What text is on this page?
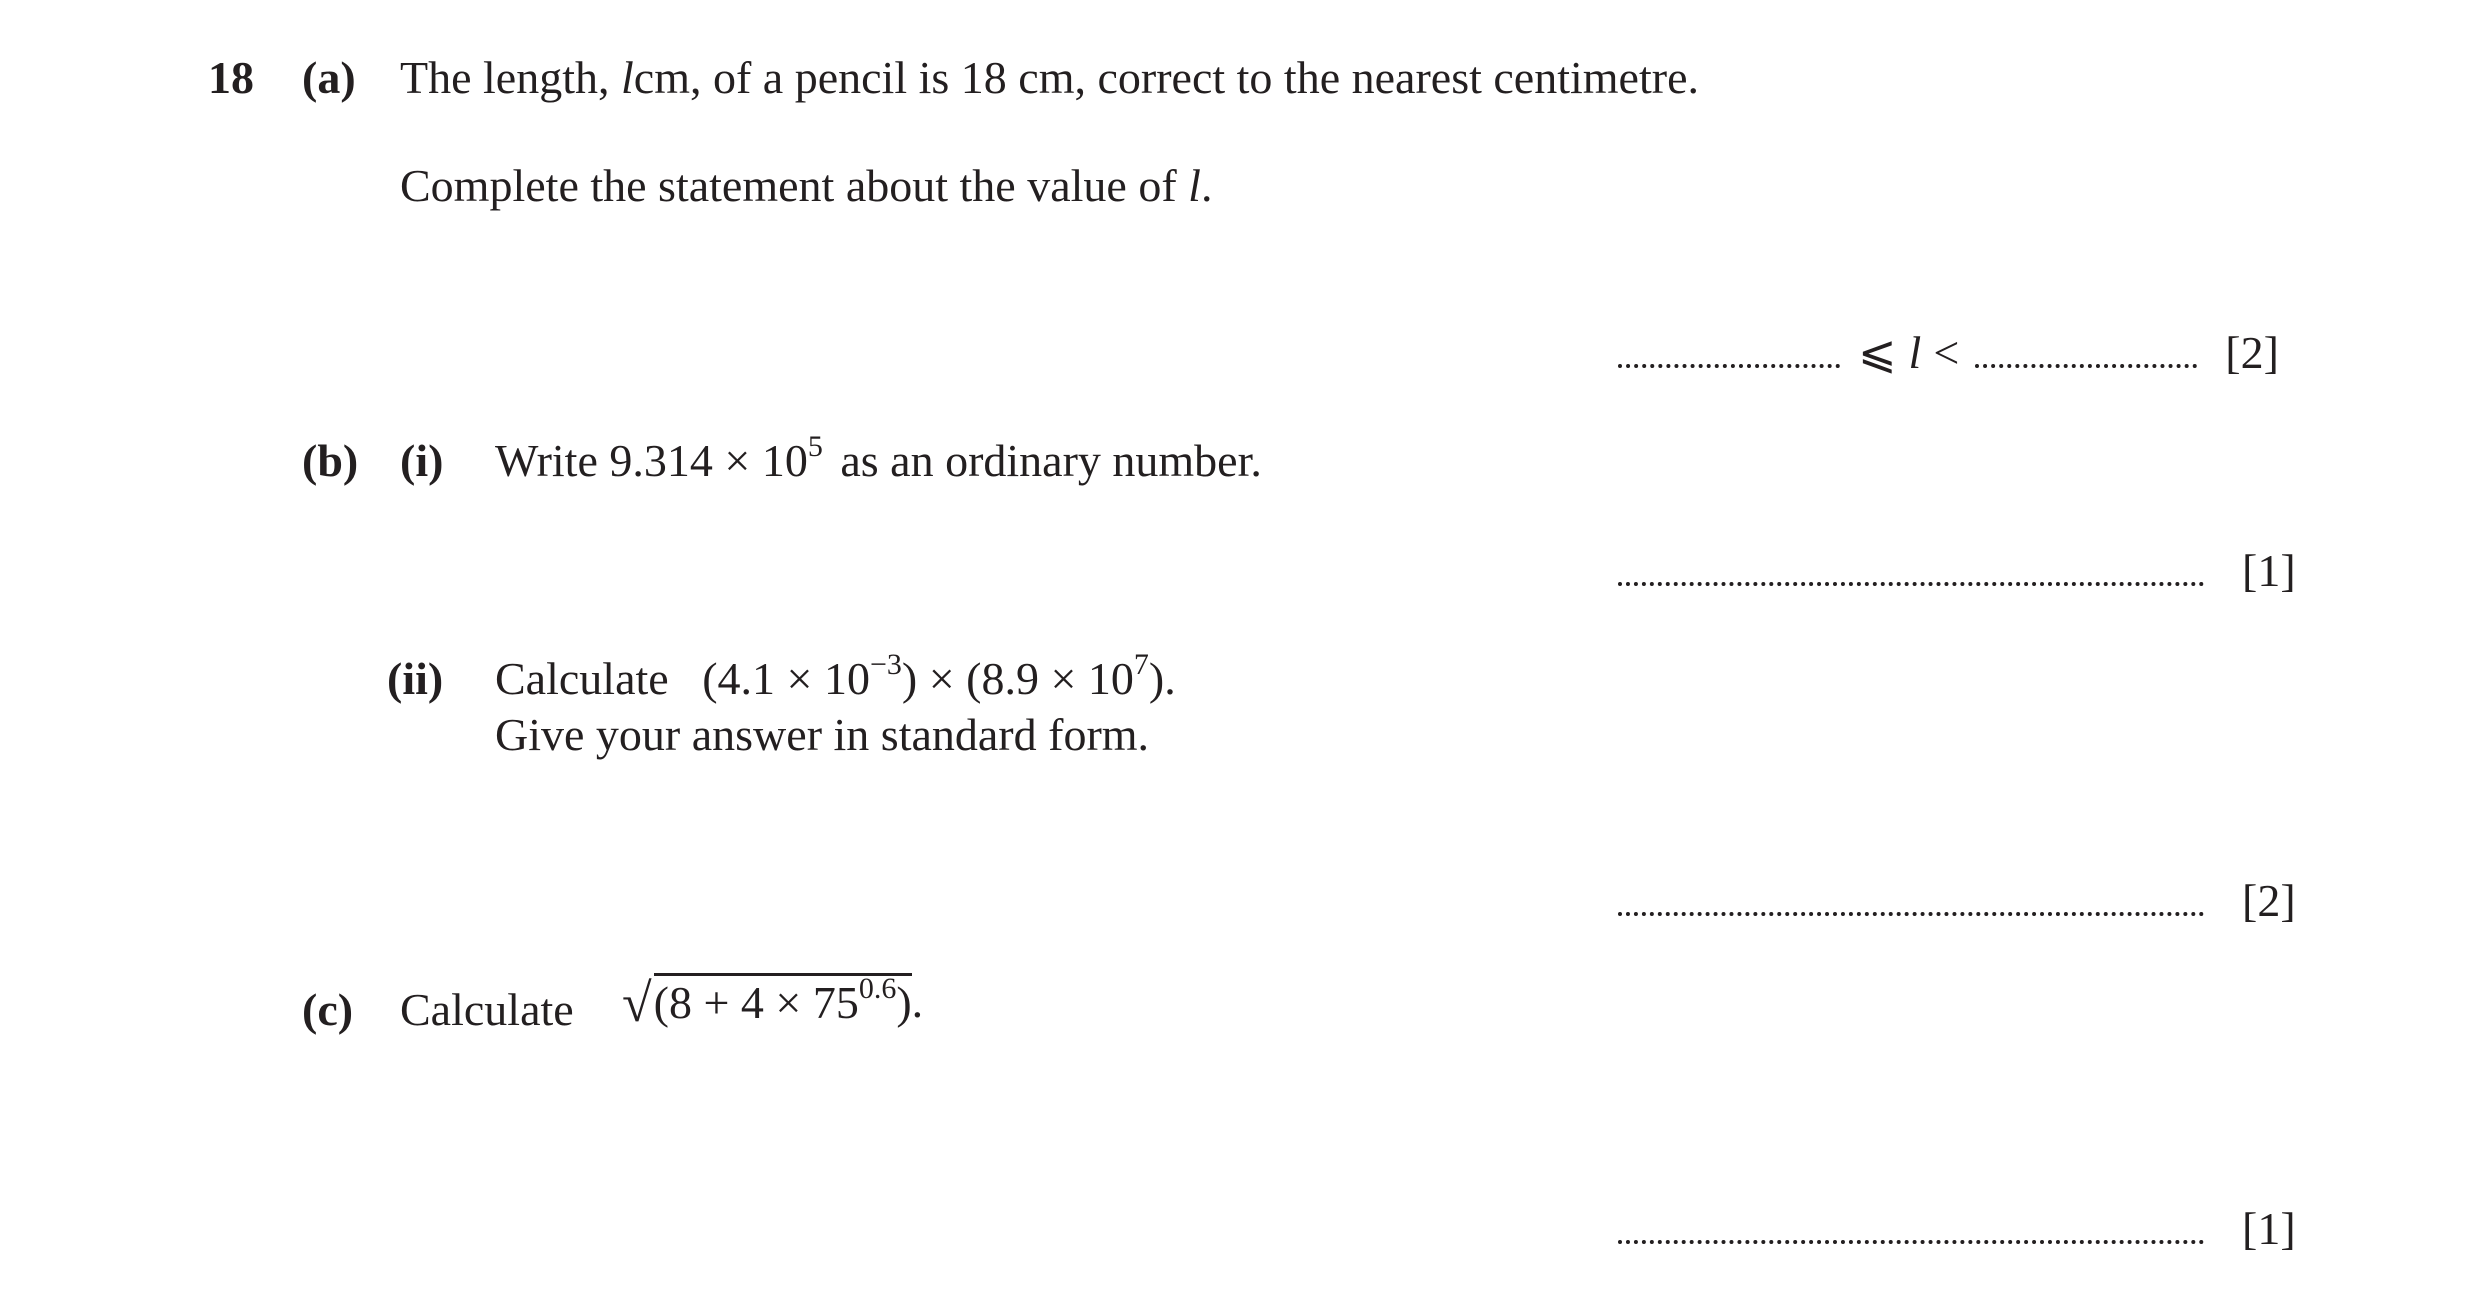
18 (a) The length, lcm, of a pencil is 18 cm, correct to the nearest centimetre.
Complete the statement about the value of l.
⩽ l <	[2]
(b) (i) Write $9.314 \times 10^5$ as an ordinary number.
[1]
(ii) Calculate $(4.1 \times 10^{-3}) \times (8.9 \times 10^7)$.
Give your answer in standard form.
[2]
(c) Calculate √ $(8 + 4 \times 75^{0.6})$ .
[1]
